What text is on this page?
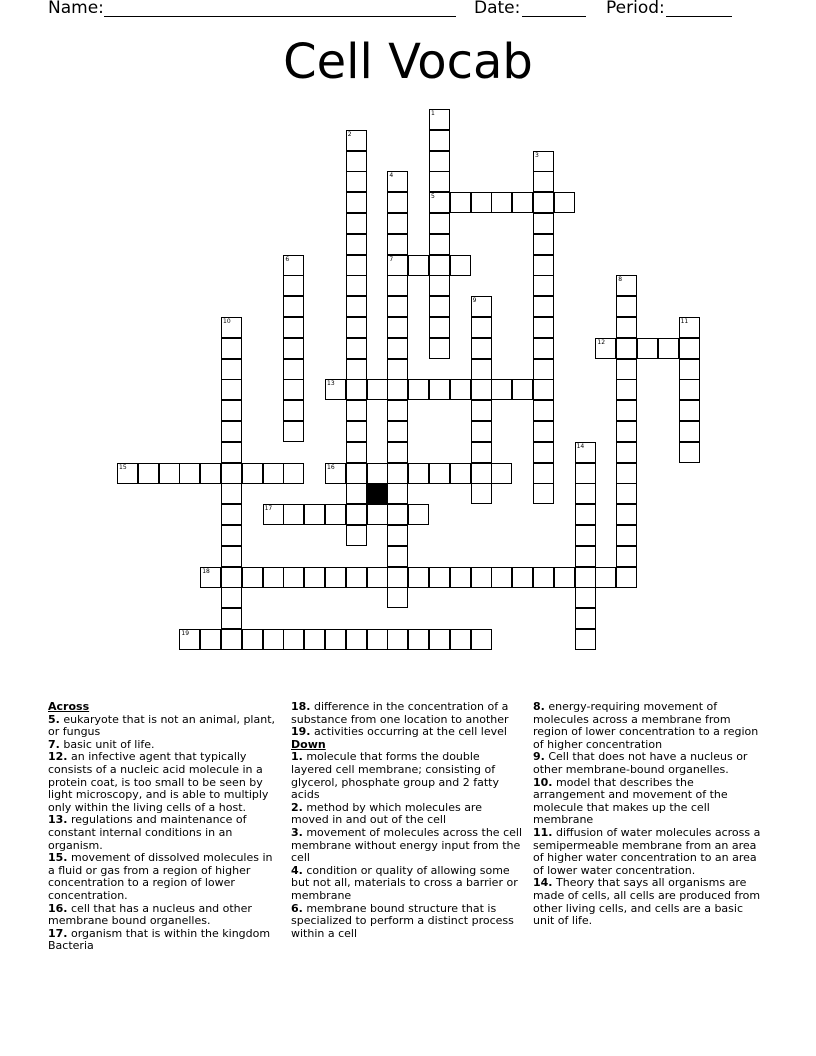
Name:	Date:	Period:
Cell Vocab
1
5
2
3
4
7
6
8
9
10	11
12
13
14
15	16
17
18
19
Across
5. eukaryote that is not an animal, plant, or fungus
7. basic unit of life.
12. an infective agent that typically consists of a nucleic acid molecule in a protein coat, is too small to be seen by light microscopy, and is able to multiply only within the living cells of a host.
13. regulations and maintenance of constant internal conditions in an organism.
15. movement of dissolved molecules in a fluid or gas from a region of higher concentration to a region of lower concentration.
16. cell that has a nucleus and other membrane bound organelles.
17. organism that is within the kingdom Bacteria
18. difference in the concentration of a substance from one location to another
19. activities occurring at the cell level
Down
1. molecule that forms the double layered cell membrane; consisting of glycerol, phosphate group and 2 fatty acids
2. method by which molecules are moved in and out of the cell
3. movement of molecules across the cell membrane without energy input from the cell
4. condition or quality of allowing some but not all, materials to cross a barrier or membrane
6. membrane bound structure that is specialized to perform a distinct process within a cell
8. energy-requiring movement of molecules across a membrane from region of lower concentration to a region of higher concentration
9. Cell that does not have a nucleus or other membrane-bound organelles.
10. model that describes the arrangement and movement of the molecule that makes up the cell membrane
11. diffusion of water molecules across a semipermeable membrane from an area of higher water concentration to an area of lower water concentration.
14. Theory that says all organisms are made of cells, all cells are produced from other living cells, and cells are a basic unit of life.
